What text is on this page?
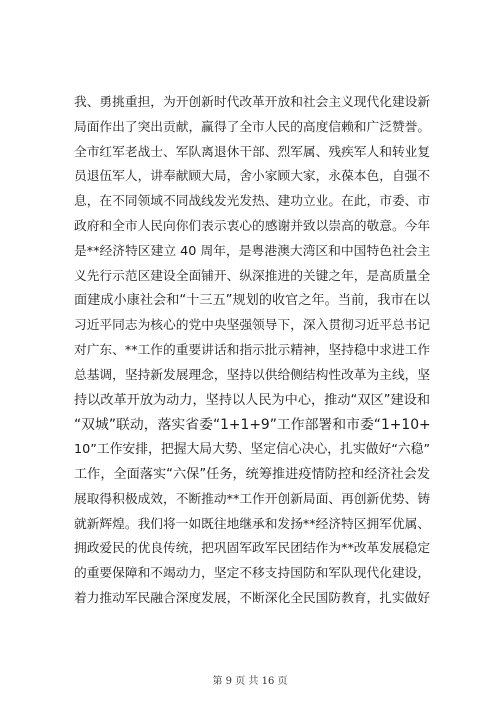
我、勇挑重担，为开创新时代改革开放和社会主义现代化建设新
局面作出了突出贡献，赢得了全市人民的高度信赖和广泛赞誉。
全市红军老战士、军队离退休干部、烈军属、残疾军人和转业复
员退伍军人，讲奉献顾大局，舍小家顾大家，永葆本色，自强不
息，在不同领域不同战线发光发热、建功立业。在此，市委、市
政府和全市人民向你们表示衷心的感谢并致以崇高的敬意。今年
是**经济特区建立 40 周年，是粤港澳大湾区和中国特色社会主
义先行示范区建设全面铺开、纵深推进的关键之年，是高质量全
面建成小康社会和“十三五”规划的收官之年。当前，我市在以
习近平同志为核心的党中央坚强领导下，深入贯彻习近平总书记
对广东、**工作的重要讲话和指示批示精神，坚持稳中求进工作
总基调，坚持新发展理念，坚持以供给侧结构性改革为主线，坚
持以改革开放为动力，坚持以人民为中心，推动“双区”建设和
“双城”联动，落实省委“1+1+9”工作部署和市委“1+10+
10”工作安排，把握大局大势、坚定信心决心，扎实做好“六稳”
工作，全面落实“六保”任务，统筹推进疫情防控和经济社会发
展取得积极成效，不断推动**工作开创新局面、再创新优势、铸
就新辉煌。我们将一如既往地继承和发扬**经济特区拥军优属、
拥政爱民的优良传统，把巩固军政军民团结作为**改革发展稳定
的重要保障和不竭动力，坚定不移支持国防和军队现代化建设，
着力推动军民融合深度发展，不断深化全民国防教育，扎实做好
第 9 页 共 16 页
